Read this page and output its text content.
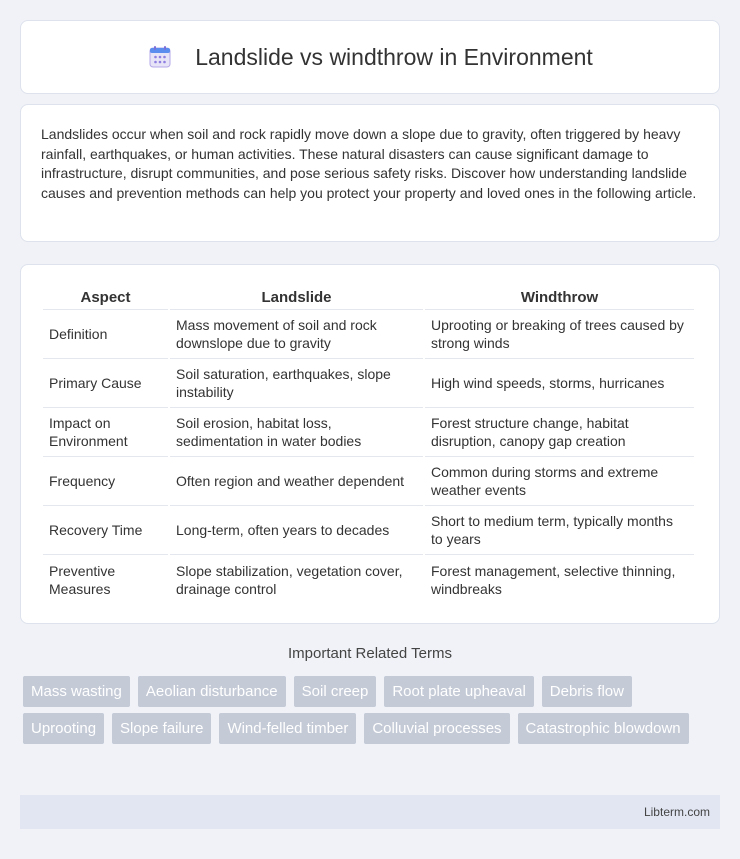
Landslide vs windthrow in Environment

Landslides occur when soil and rock rapidly move down a slope due to gravity, often triggered by heavy rainfall, earthquakes, or human activities. These natural disasters can cause significant damage to infrastructure, disrupt communities, and pose serious safety risks. Discover how understanding landslide causes and prevention methods can help you protect your property and loved ones in the following article.

Aspect	Landslide	Windthrow
Definition	Mass movement of soil and rock downslope due to gravity	Uprooting or breaking of trees caused by strong winds
Primary Cause	Soil saturation, earthquakes, slope instability	High wind speeds, storms, hurricanes
Impact on Environment	Soil erosion, habitat loss, sedimentation in water bodies	Forest structure change, habitat disruption, canopy gap creation
Frequency	Often region and weather dependent	Common during storms and extreme weather events
Recovery Time	Long-term, often years to decades	Short to medium term, typically months to years
Preventive Measures	Slope stabilization, vegetation cover, drainage control	Forest management, selective thinning, windbreaks
Important Related Terms
Mass wasting	Aeolian disturbance	Soil creep	Root plate upheaval	Debris flow
Uprooting	Slope failure	Wind-felled timber	Colluvial processes	Catastrophic blowdown
Libterm.com
